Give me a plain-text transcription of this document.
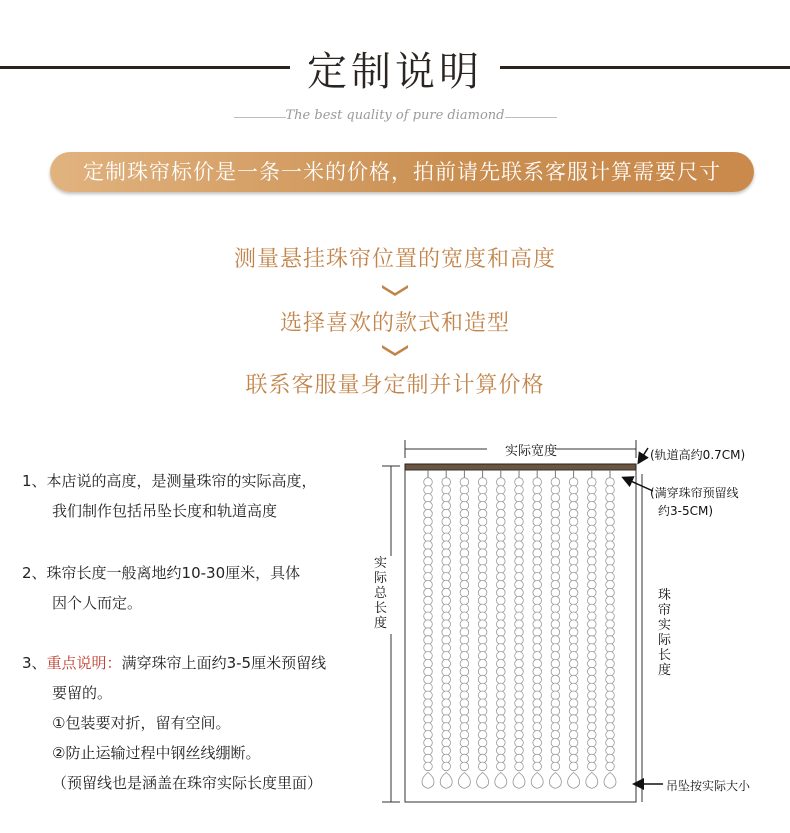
定制说明
The best quality of pure diamond
定制珠帘标价是一条一米的价格，拍前请先联系客服计算需要尺寸
测量悬挂珠帘位置的宽度和高度
选择喜欢的款式和造型
联系客服量身定制并计算价格
1、本店说的高度，是测量珠帘的实际高度，
我们制作包括吊坠长度和轨道高度
2、珠帘长度一般离地约10-30厘米，具体
因个人而定。
3、重点说明：满穿珠帘上面约3-5厘米预留线
要留的。
①包装要对折，留有空间。
②防止运输过程中钢丝线绷断。
（预留线也是涵盖在珠帘实际长度里面）
实际宽度
实际总长度
珠帘实际长度
(轨道高约0.7CM)
(满穿珠帘预留线
约3-5CM)
吊坠按实际大小
